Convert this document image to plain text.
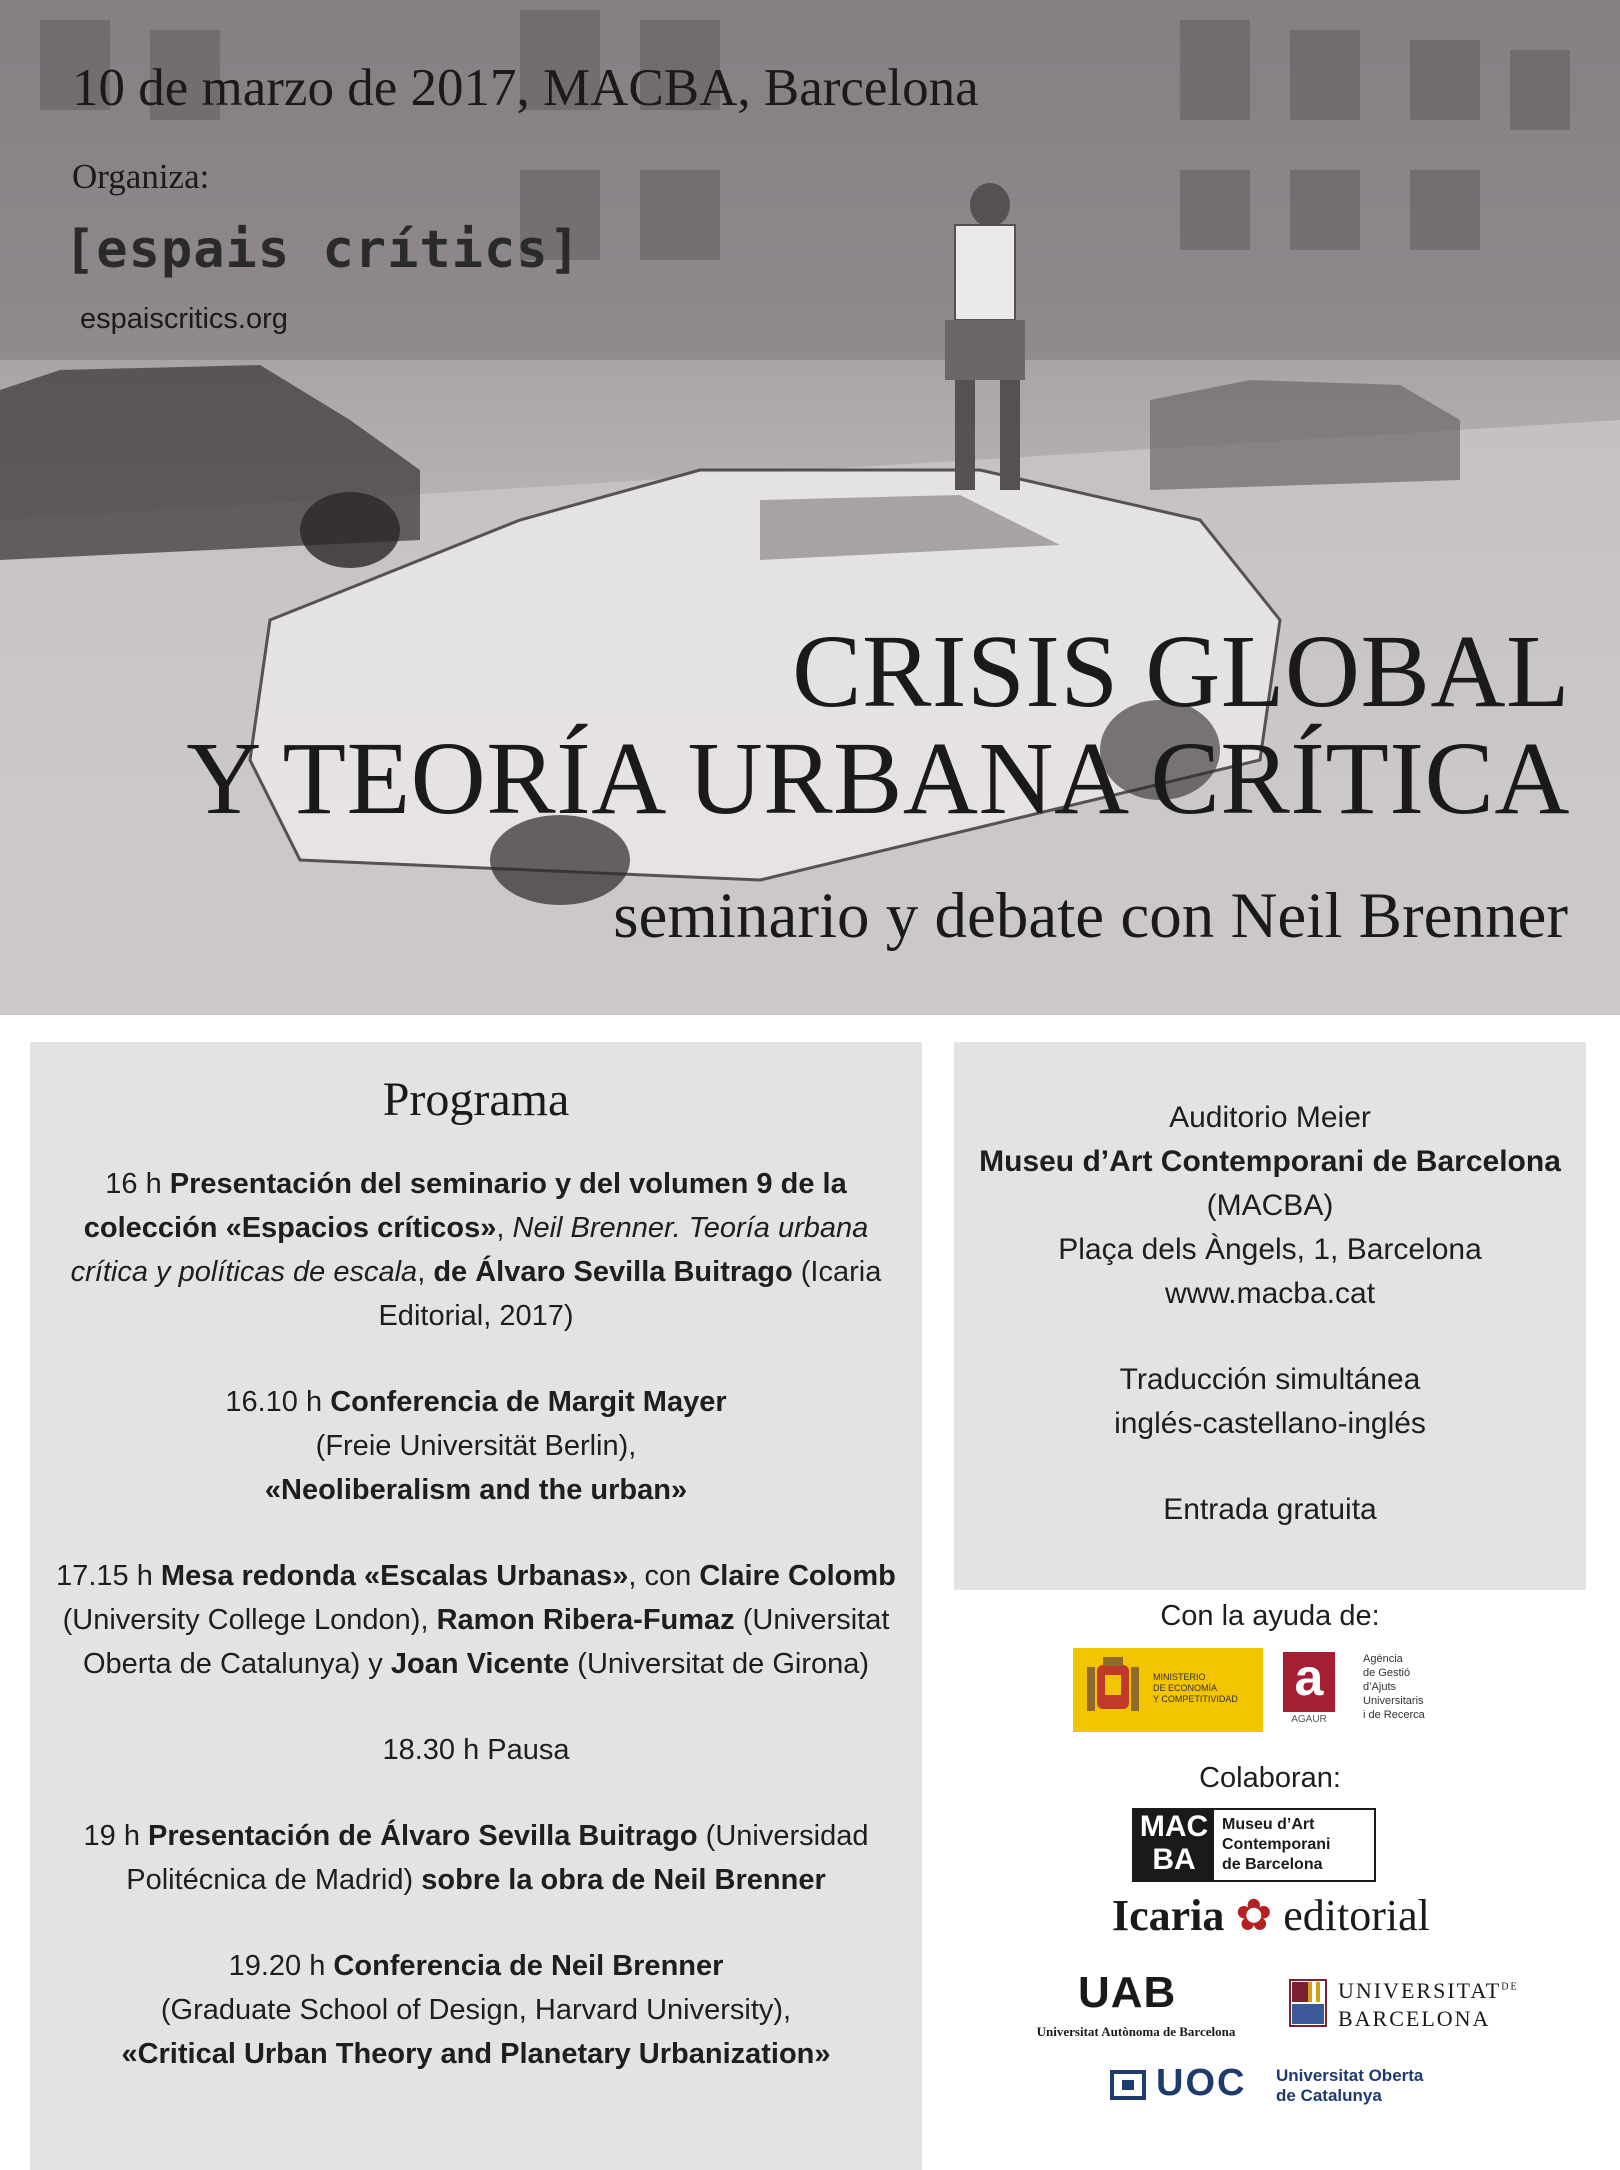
10 de marzo de 2017, MACBA, Barcelona
Organiza:
[espais crítics]
espaiscritics.org
CRISIS GLOBAL
Y TEORÍA URBANA CRÍTICA
seminario y debate con Neil Brenner
Programa
16 h Presentación del seminario y del volumen 9 de la colección «Espacios críticos», Neil Brenner. Teoría urbana crítica y políticas de escala, de Álvaro Sevilla Buitrago (Icaria Editorial, 2017)
16.10 h Conferencia de Margit Mayer
(Freie Universität Berlin),
«Neoliberalism and the urban»
17.15 h Mesa redonda «Escalas Urbanas», con Claire Colomb (University College London), Ramon Ribera-Fumaz (Universitat Oberta de Catalunya) y Joan Vicente (Universitat de Girona)
18.30 h Pausa
19 h Presentación de Álvaro Sevilla Buitrago (Universidad Politécnica de Madrid) sobre la obra de Neil Brenner
19.20 h Conferencia de Neil Brenner
(Graduate School of Design, Harvard University),
«Critical Urban Theory and Planetary Urbanization»
Auditorio Meier
Museu d’Art Contemporani de Barcelona
(MACBA)
Plaça dels Àngels, 1, Barcelona
www.macba.cat
Traducción simultánea
inglés-castellano-inglés
Entrada gratuita
Con la ayuda de:
MINISTERIO
DE ECONOMÍA
Y COMPETITIVIDAD a
AGAUR
Agència
de Gestió
d’Ajuts
Universitaris
i de Recerca
Colaboran:
MAC
BA
Museu d’Art
Contemporani
de Barcelona
Icaria ✿ editorial
UAB
Universitat Autònoma de Barcelona
$UNIVERSITAT^{DE}$
BARCELONA
UOC Universitat Oberta
de Catalunya
